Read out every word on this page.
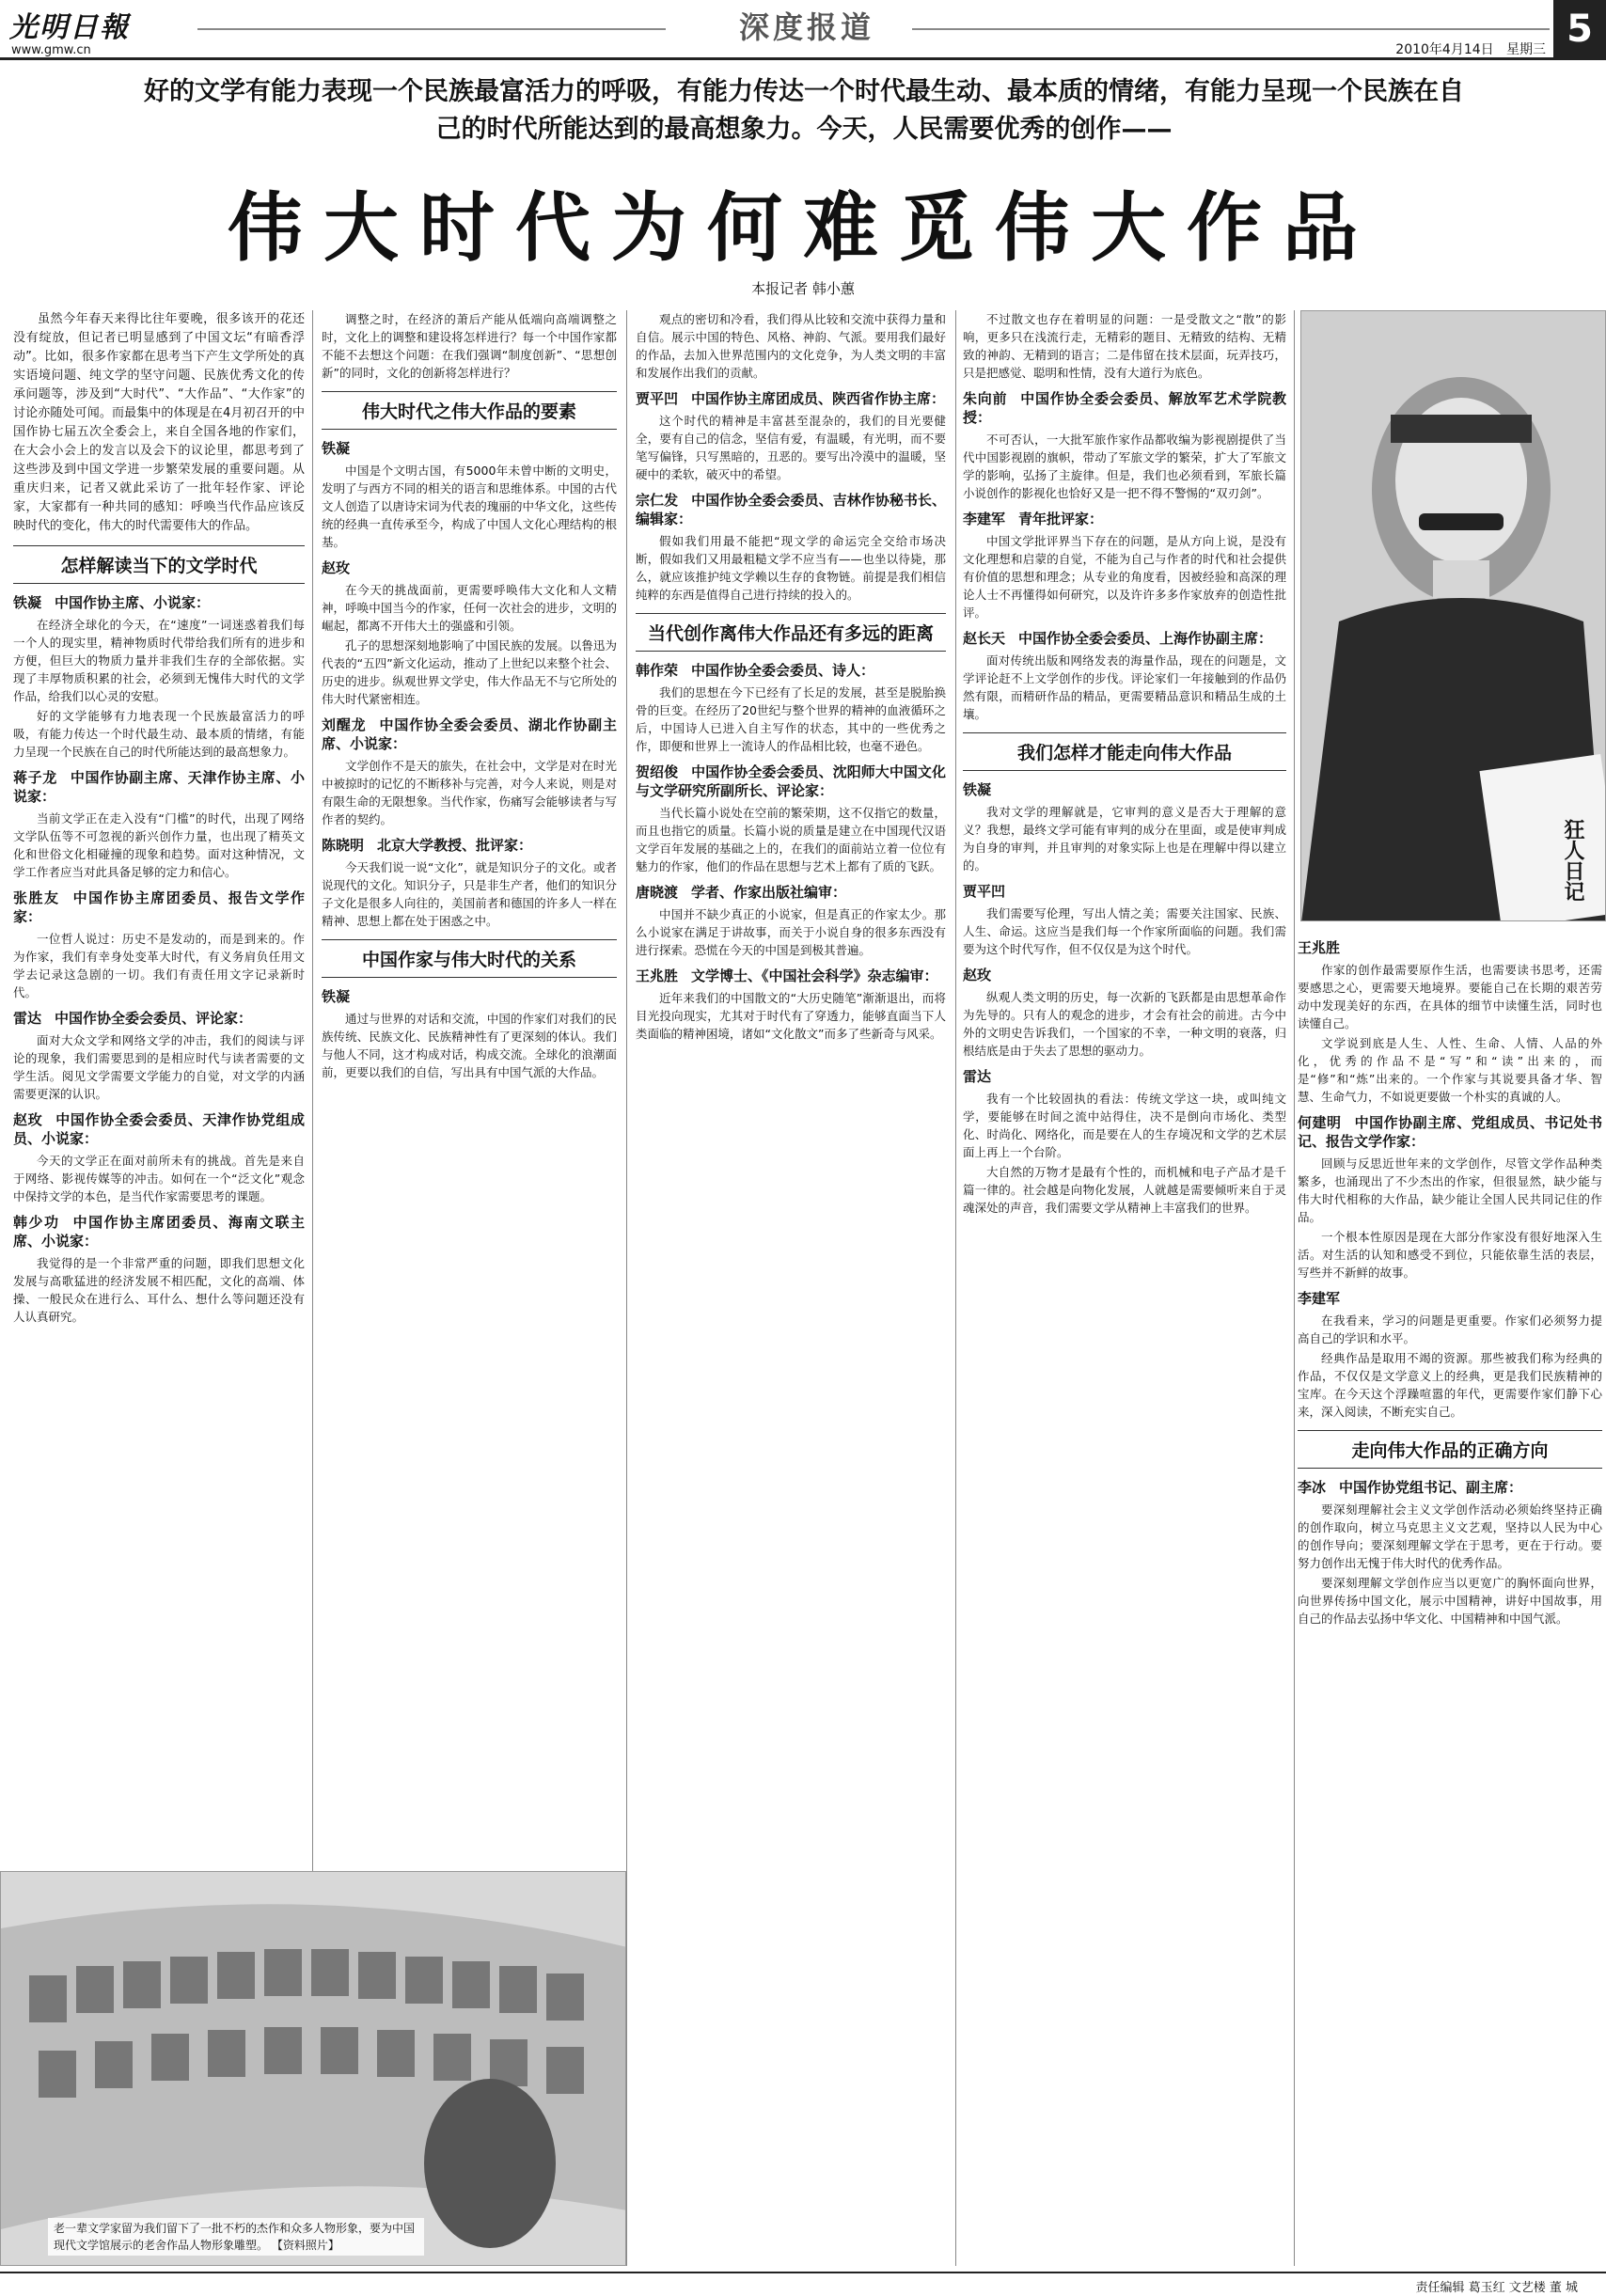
光明日報
www.gmw.cn
深度报道
2010年4月14日 星期三 5
好的文学有能力表现一个民族最富活力的呼吸，有能力传达一个时代最生动、最本质的情绪，有能力呈现一个民族在自己的时代所能达到的最高想象力。今天，人民需要优秀的创作——
伟大时代为何难觅伟大作品
本报记者 韩小蕙

虽然今年春天来得比往年要晚，很多该开的花还没有绽放，但记者已明显感到了中国文坛“有暗香浮动”。比如，很多作家都在思考当下产生文学所处的真实语境问题、纯文学的坚守问题、民族优秀文化的传承问题等，涉及到“大时代”、“大作品”、“大作家”的讨论亦随处可闻。而最集中的体现是在4月初召开的中国作协七届五次全委会上，来自全国各地的作家们，在大会小会上的发言以及会下的议论里，都思考到了这些涉及到中国文学进一步繁荣发展的重要问题。从重庆归来，记者又就此采访了一批年轻作家、评论家，大家都有一种共同的感知：呼唤当代作品应该反映时代的变化，伟大的时代需要伟大的作品。

怎样解读当下的文学时代
铁凝 中国作协主席、小说家：

在经济全球化的今天，在“速度”一词迷惑着我们每一个人的现实里，精神物质时代带给我们所有的进步和方便，但巨大的物质力量并非我们生存的全部依据。实现了丰厚物质积累的社会，必须到无愧伟大时代的文学作品，给我们以心灵的安慰。

好的文学能够有力地表现一个民族最富活力的呼吸，有能力传达一个时代最生动、最本质的情绪，有能力呈现一个民族在自己的时代所能达到的最高想象力。

蒋子龙 中国作协副主席、天津作协主席、小说家：

当前文学正在走入没有“门槛”的时代，出现了网络文学队伍等不可忽视的新兴创作力量，也出现了精英文化和世俗文化相碰撞的现象和趋势。面对这种情况，文学工作者应当对此具备足够的定力和信心。

张胜友 中国作协主席团委员、报告文学作家：

一位哲人说过：历史不是发动的，而是到来的。作为作家，我们有幸身处变革大时代，有义务肩负任用文学去记录这急剧的一切。我们有责任用文字记录新时代。

雷达 中国作协全委会委员、评论家：

面对大众文学和网络文学的冲击，我们的阅读与评论的现象，我们需要思到的是相应时代与读者需要的文学生活。阅见文学需要文学能力的自觉，对文学的内涵需要更深的认识。

赵玫 中国作协全委会委员、天津作协党组成员、小说家：

今天的文学正在面对前所未有的挑战。首先是来自于网络、影视传媒等的冲击。如何在一个“泛文化”观念中保持文学的本色，是当代作家需要思考的课题。

韩少功 中国作协主席团委员、海南文联主席、小说家：

我觉得的是一个非常严重的问题，即我们思想文化发展与高歌猛进的经济发展不相匹配，文化的高端、体操、一般民众在进行么、耳什么、想什么等问题还没有人认真研究。

调整之时，在经济的萧后产能从低端向高端调整之时，文化上的调整和建设将怎样进行？每一个中国作家都不能不去想这个问题：在我们强调“制度创新”、“思想创新”的同时，文化的创新将怎样进行？

伟大时代之伟大作品的要素
铁凝

中国是个文明古国，有5000年未曾中断的文明史，发明了与西方不同的相关的语言和思维体系。中国的古代文人创造了以唐诗宋词为代表的瑰丽的中华文化，这些传统的经典一直传承至今，构成了中国人文化心理结构的根基。

赵玫

在今天的挑战面前，更需要呼唤伟大文化和人文精神，呼唤中国当今的作家，任何一次社会的进步，文明的崛起，都离不开伟大土的强盛和引领。

孔子的思想深刻地影响了中国民族的发展。以鲁迅为代表的“五四”新文化运动，推动了上世纪以来整个社会、历史的进步。纵观世界文学史，伟大作品无不与它所处的伟大时代紧密相连。

刘醒龙 中国作协全委会委员、湖北作协副主席、小说家：

文学创作不是天的旅失，在社会中，文学是对在时光中被掠时的记忆的不断移补与完善，对今人来说，则是对有限生命的无限想象。当代作家，伤痛写会能够读者与写作者的契约。

陈晓明 北京大学教授、批评家：

今天我们说一说“文化”，就是知识分子的文化。或者说现代的文化。知识分子，只是非生产者，他们的知识分子文化是很多人向往的，美国前者和德国的许多人一样在精神、思想上都在处于困惑之中。

中国作家与伟大时代的关系
铁凝

通过与世界的对话和交流，中国的作家们对我们的民族传统、民族文化、民族精神性有了更深刻的体认。我们与他人不同，这才构成对话，构成交流。全球化的浪潮面前，更要以我们的自信，写出具有中国气派的大作品。

观点的密切和冷看，我们得从比较和交流中获得力量和自信。展示中国的特色、风格、神韵、气派。要用我们最好的作品，去加入世界范围内的文化竞争，为人类文明的丰富和发展作出我们的贡献。

贾平凹 中国作协主席团成员、陕西省作协主席：

这个时代的精神是丰富甚至混杂的，我们的目光要健全，要有自己的信念，坚信有爱，有温暖，有光明，而不要笔写偏锋，只写黑暗的，丑恶的。要写出冷漠中的温暖，坚硬中的柔软，破灭中的希望。

宗仁发 中国作协全委会委员、吉林作协秘书长、编辑家：

假如我们用最不能把“现文学的命运完全交给市场决断，假如我们又用最粗糙文学不应当有——也坐以待毙，那么，就应该推护纯文学赖以生存的食物链。前提是我们相信纯粹的东西是值得自己进行持续的投入的。

当代创作离伟大作品还有多远的距离
韩作荣 中国作协全委会委员、诗人：

我们的思想在今下已经有了长足的发展，甚至是脱胎换骨的巨变。在经历了20世纪与整个世界的精神的血液循环之后，中国诗人已进入自主写作的状态，其中的一些优秀之作，即便和世界上一流诗人的作品相比较，也毫不逊色。

贺绍俊 中国作协全委会委员、沈阳师大中国文化与文学研究所副所长、评论家：

当代长篇小说处在空前的繁荣期，这不仅指它的数量，而且也指它的质量。长篇小说的质量是建立在中国现代汉语文学百年发展的基础之上的，在我们的面前站立着一位位有魅力的作家，他们的作品在思想与艺术上都有了质的飞跃。

唐晓渡 学者、作家出版社编审：

中国并不缺少真正的小说家，但是真正的作家太少。那么小说家在满足于讲故事，而关于小说自身的很多东西没有进行探索。恐慌在今天的中国是到极其普遍。

王兆胜 文学博士、《中国社会科学》杂志编审：

近年来我们的中国散文的“大历史随笔”渐渐退出，而将目光投向现实，尤其对于时代有了穿透力，能够直面当下人类面临的精神困境，诸如“文化散文”而多了些新奇与风采。

不过散文也存在着明显的问题：一是受散文之“散”的影响，更多只在浅流行走，无精彩的题目、无精致的结构、无精致的神韵、无精到的语言；二是伟留在技术层面，玩弄技巧，只是把感觉、聪明和性情，没有大道行为底色。

朱向前 中国作协全委会委员、解放军艺术学院教授：

不可否认，一大批军旅作家作品都收编为影视剧提供了当代中国影视剧的旗帜，带动了军旅文学的繁荣，扩大了军旅文学的影响，弘扬了主旋律。但是，我们也必须看到，军旅长篇小说创作的影视化也恰好又是一把不得不警惕的“双刃剑”。

李建军 青年批评家：

中国文学批评界当下存在的问题，是从方向上说，是没有文化理想和启蒙的自觉，不能为自己与作者的时代和社会提供有价值的思想和理念；从专业的角度看，因被经验和高深的理论人士不再懂得如何研究，以及许许多多作家放弃的创造性批评。

赵长天 中国作协全委会委员、上海作协副主席：

面对传统出版和网络发表的海量作品，现在的问题是，文学评论赶不上文学创作的步伐。评论家们一年接触到的作品仍然有限，而精研作品的精品，更需要精品意识和精品生成的土壤。

我们怎样才能走向伟大作品
铁凝

我对文学的理解就是，它审判的意义是否大于理解的意义？我想，最终文学可能有审判的成分在里面，或是使审判成为自身的审判，并且审判的对象实际上也是在理解中得以建立的。

贾平凹

我们需要写伦理，写出人情之美；需要关注国家、民族、人生、命运。这应当是我们每一个作家所面临的问题。我们需要为这个时代写作，但不仅仅是为这个时代。

赵玫

纵观人类文明的历史，每一次新的飞跃都是由思想革命作为先导的。只有人的观念的进步，才会有社会的前进。古今中外的文明史告诉我们，一个国家的不幸，一种文明的衰落，归根结底是由于失去了思想的驱动力。

雷达

我有一个比较固执的看法：传统文学这一块，或叫纯文学，要能够在时间之流中站得住，决不是倒向市场化、类型化、时尚化、网络化，而是要在人的生存境况和文学的艺术层面上再上一个台阶。

大自然的万物才是最有个性的，而机械和电子产品才是千篇一律的。社会越是向物化发展，人就越是需要倾听来自于灵魂深处的声音，我们需要文学从精神上丰富我们的世界。

狂人日记
王兆胜

作家的创作最需要原作生活，也需要读书思考，还需要感思之心，更需要天地境界。要能自己在长期的艰苦劳动中发现美好的东西，在具体的细节中读懂生活，同时也读懂自己。

文学说到底是人生、人性、生命、人情、人品的外化，优秀的作品不是“写”和“读”出来的，而是“修”和“炼”出来的。一个作家与其说要具备才华、智慧、生命气力，不如说更要做一个朴实的真诚的人。

何建明 中国作协副主席、党组成员、书记处书记、报告文学作家：

回顾与反思近世年来的文学创作，尽管文学作品种类繁多，也涌现出了不少杰出的作家，但很显然，缺少能与伟大时代相称的大作品，缺少能让全国人民共同记住的作品。

一个根本性原因是现在大部分作家没有很好地深入生活。对生活的认知和感受不到位，只能依靠生活的表层，写些并不新鲜的故事。

李建军

在我看来，学习的问题是更重要。作家们必须努力提高自己的学识和水平。

经典作品是取用不竭的资源。那些被我们称为经典的作品，不仅仅是文学意义上的经典，更是我们民族精神的宝库。在今天这个浮躁喧嚣的年代，更需要作家们静下心来，深入阅读，不断充实自己。

走向伟大作品的正确方向
李冰 中国作协党组书记、副主席：

要深刻理解社会主义文学创作活动必须始终坚持正确的创作取向，树立马克思主义文艺观，坚持以人民为中心的创作导向；要深刻理解文学在于思考，更在于行动。要努力创作出无愧于伟大时代的优秀作品。

要深刻理解文学创作应当以更宽广的胸怀面向世界，向世界传扬中国文化，展示中国精神，讲好中国故事，用自己的作品去弘扬中华文化、中国精神和中国气派。

老一辈文学家留为我们留下了一批不朽的杰作和众多人物形象，要为中国现代文学馆展示的老舍作品人物形象雕塑。 【资料照片】
责任编辑 葛玉红 文艺楼 董 城
